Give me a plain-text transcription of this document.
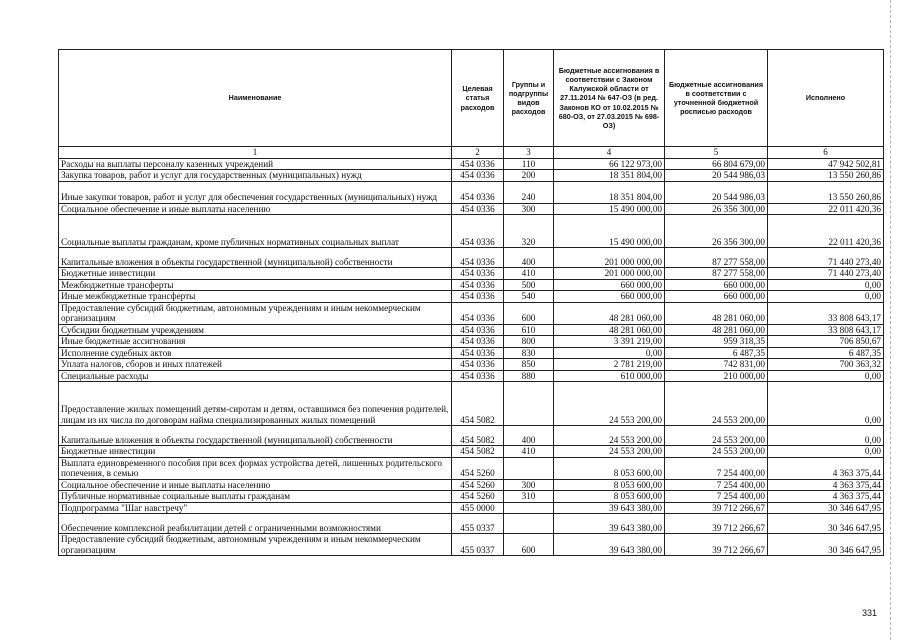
Наименование	Целевая статья расходов	Группы и подгруппы видов расходов	Бюджетные ассигнования в соответствии с Законом Калужской области от 27.11.2014 № 647-ОЗ (в ред. Законов КО от 10.02.2015 № 680-ОЗ, от 27.03.2015 № 698-ОЗ)	Бюджетные ассигнования в соответствии с уточненной бюджетной росписью расходов	Исполнено
1	2	3	4	5	6
Расходы на выплаты персоналу казенных учреждений	454 0336	110	66 122 973,00	66 804 679,00	47 942 502,81
Закупка товаров, работ и услуг для государственных (муниципальных) нужд	454 0336	200	18 351 804,00	20 544 986,03	13 550 260,86
Иные закупки товаров, работ и услуг для обеспечения государственных (муниципальных) нужд	454 0336	240	18 351 804,00	20 544 986,03	13 550 260,86
Социальное обеспечение и иные выплаты населению	454 0336	300	15 490 000,00	26 356 300,00	22 011 420,36
Социальные выплаты гражданам, кроме публичных нормативных социальных выплат	454 0336	320	15 490 000,00	26 356 300,00	22 011 420,36
Капитальные вложения в объекты государственной (муниципальной) собственности	454 0336	400	201 000 000,00	87 277 558,00	71 440 273,40
Бюджетные инвестиции	454 0336	410	201 000 000,00	87 277 558,00	71 440 273,40
Межбюджетные трансферты	454 0336	500	660 000,00	660 000,00	0,00
Иные межбюджетные трансферты	454 0336	540	660 000,00	660 000,00	0,00
Предоставление субсидий бюджетным, автономным учреждениям и иным некоммерческим организациям	454 0336	600	48 281 060,00	48 281 060,00	33 808 643,17
Субсидии бюджетным учреждениям	454 0336	610	48 281 060,00	48 281 060,00	33 808 643,17
Иные бюджетные ассигнования	454 0336	800	3 391 219,00	959 318,35	706 850,67
Исполнение судебных актов	454 0336	830	0,00	6 487,35	6 487,35
Уплата налогов, сборов и иных платежей	454 0336	850	2 781 219,00	742 831,00	700 363,32
Специальные расходы	454 0336	880	610 000,00	210 000,00	0,00
Предоставление жилых помещений детям-сиротам и детям, оставшимся без попечения родителей, лицам из их числа по договорам найма специализированных жилых помещений	454 5082		24 553 200,00	24 553 200,00	0,00
Капитальные вложения в объекты государственной (муниципальной) собственности	454 5082	400	24 553 200,00	24 553 200,00	0,00
Бюджетные инвестиции	454 5082	410	24 553 200,00	24 553 200,00	0,00
Выплата единовременного пособия при всех формах устройства детей, лишенных родительского попечения, в семью	454 5260		8 053 600,00	7 254 400,00	4 363 375,44
Социальное обеспечение и иные выплаты населению	454 5260	300	8 053 600,00	7 254 400,00	4 363 375,44
Публичные нормативные социальные выплаты гражданам	454 5260	310	8 053 600,00	7 254 400,00	4 363 375,44
Подпрограмма "Шаг навстречу"	455 0000		39 643 380,00	39 712 266,67	30 346 647,95
Обеспечение комплексной реабилитации детей с ограниченными возможностями	455 0337		39 643 380,00	39 712 266,67	30 346 647,95
Предоставление субсидий бюджетным, автономным учреждениям и иным некоммерческим организациям	455 0337	600	39 643 380,00	39 712 266,67	30 346 647,95
331
